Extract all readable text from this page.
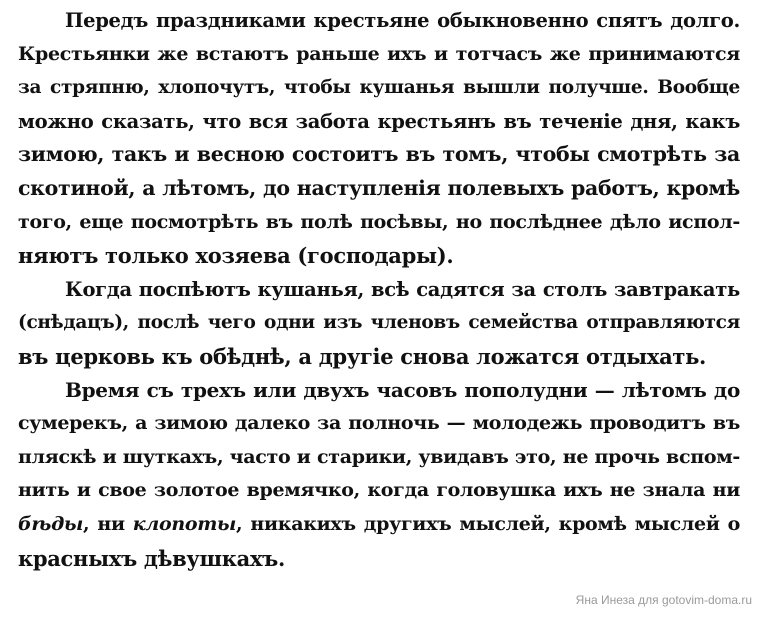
Передъ праздниками крестьяне обыкновенно спятъ долго.
Крестьянки же встаютъ раньше ихъ и тотчасъ же принимаются
за стряпню, хлопочутъ, чтобы кушанья вышли получше. Вообще
можно сказать, что вся забота крестьянъ въ теченіе дня, какъ
зимою, такъ и весною состоитъ въ томъ, чтобы смотрѣть за
скотиной, а лѣтомъ, до наступленія полевыхъ работъ, кромѣ
того, еще посмотрѣть въ полѣ посѣвы, но послѣднее дѣло испол-
няютъ только хозяева (господары).
Когда поспѣютъ кушанья, всѣ садятся за столъ завтракать
(снѣдацъ), послѣ чего одни изъ членовъ семейства отправляются
въ церковь къ обѣднѣ, а другіе снова ложатся отдыхать.
Время съ трехъ или двухъ часовъ пополудни — лѣтомъ до
сумерекъ, а зимою далеко за полночь — молодежь проводитъ въ
пляскѣ и шуткахъ, часто и старики, увидавъ это, не прочь вспом-
нить и свое золотое времячко, когда головушка ихъ не знала ни
бѣды, ни клопоты, никакихъ другихъ мыслей, кромѣ мыслей о
красныхъ дѣвушкахъ.
Яна Инеза для gotovim-doma.ru
